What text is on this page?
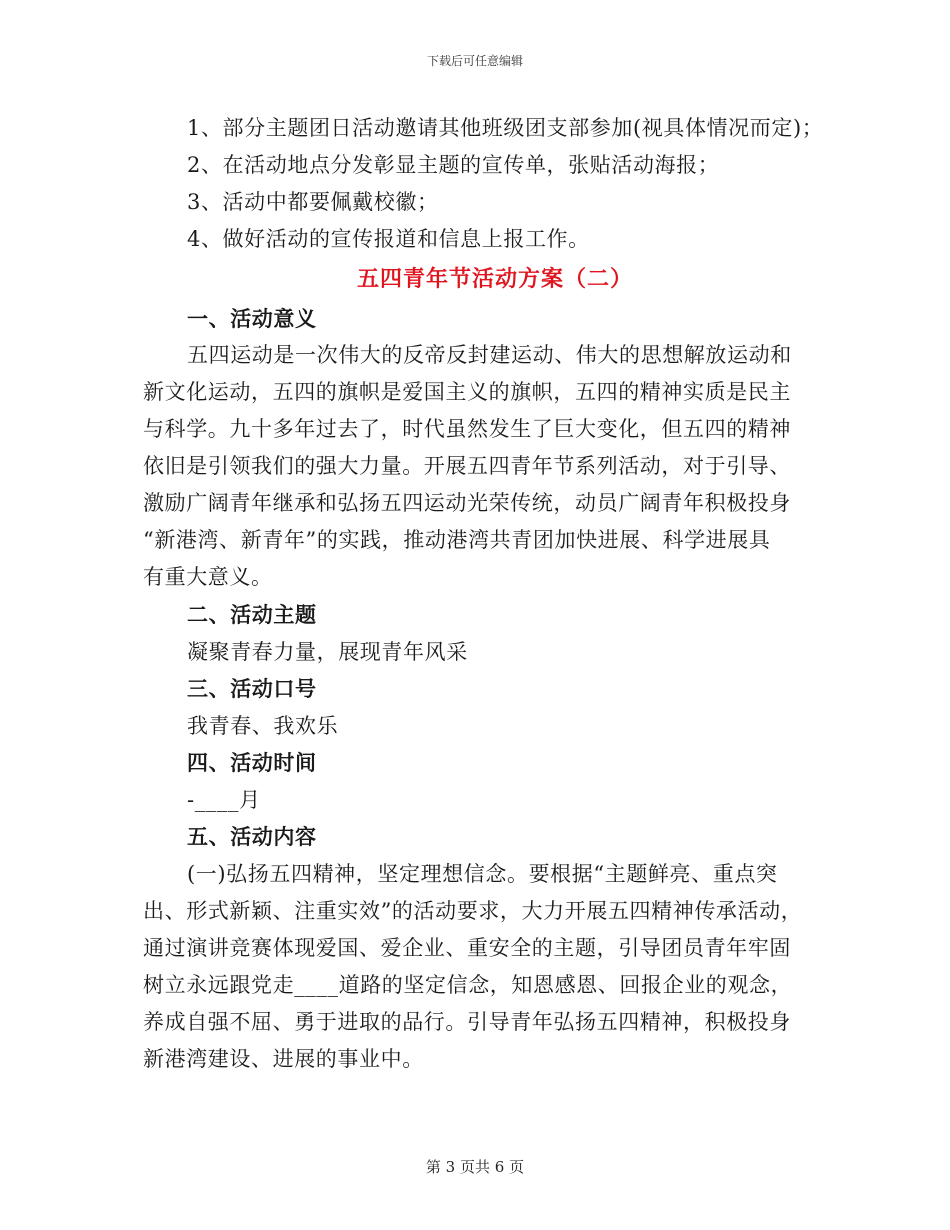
下载后可任意编辑
1、部分主题团日活动邀请其他班级团支部参加(视具体情况而定)；
2、在活动地点分发彰显主题的宣传单，张贴活动海报；
3、活动中都要佩戴校徽；
4、做好活动的宣传报道和信息上报工作。
五四青年节活动方案（二）
一、活动意义
五四运动是一次伟大的反帝反封建运动、伟大的思想解放运动和
新文化运动，五四的旗帜是爱国主义的旗帜，五四的精神实质是民主
与科学。九十多年过去了，时代虽然发生了巨大变化，但五四的精神
依旧是引领我们的强大力量。开展五四青年节系列活动，对于引导、
激励广阔青年继承和弘扬五四运动光荣传统，动员广阔青年积极投身
“新港湾、新青年”的实践，推动港湾共青团加快进展、科学进展具
有重大意义。
二、活动主题
凝聚青春力量，展现青年风采
三、活动口号
我青春、我欢乐
四、活动时间
-____月
五、活动内容
(一)弘扬五四精神，坚定理想信念。要根据“主题鲜亮、重点突
出、形式新颖、注重实效”的活动要求，大力开展五四精神传承活动，
通过演讲竞赛体现爱国、爱企业、重安全的主题，引导团员青年牢固
树立永远跟党走____道路的坚定信念，知恩感恩、回报企业的观念，
养成自强不屈、勇于进取的品行。引导青年弘扬五四精神，积极投身
新港湾建设、进展的事业中。
第 3 页共 6 页
